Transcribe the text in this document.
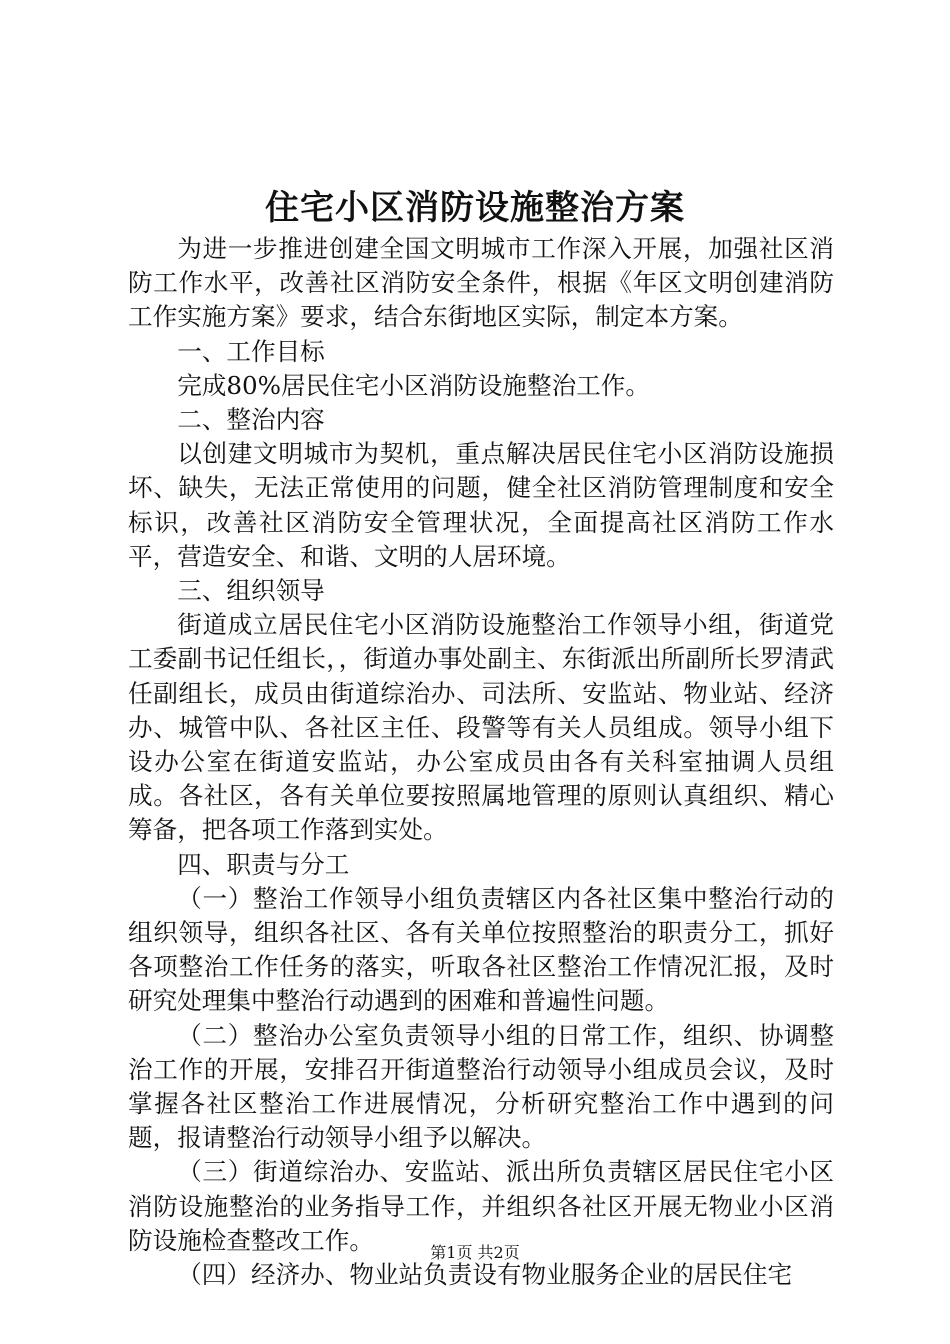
住宅小区消防设施整治方案

为进一步推进创建全国文明城市工作深入开展，加强社区消防工作水平，改善社区消防安全条件，根据《年区文明创建消防工作实施方案》要求，结合东街地区实际，制定本方案。

一、工作目标

完成80%居民住宅小区消防设施整治工作。

二、整治内容

以创建文明城市为契机，重点解决居民住宅小区消防设施损坏、缺失，无法正常使用的问题，健全社区消防管理制度和安全标识，改善社区消防安全管理状况，全面提高社区消防工作水平，营造安全、和谐、文明的人居环境。

三、组织领导

街道成立居民住宅小区消防设施整治工作领导小组，街道党工委副书记任组长，，街道办事处副主、东街派出所副所长罗清武任副组长，成员由街道综治办、司法所、安监站、物业站、经济办、城管中队、各社区主任、段警等有关人员组成。领导小组下设办公室在街道安监站，办公室成员由各有关科室抽调人员组成。各社区，各有关单位要按照属地管理的原则认真组织、精心筹备，把各项工作落到实处。

四、职责与分工

（一）整治工作领导小组负责辖区内各社区集中整治行动的组织领导，组织各社区、各有关单位按照整治的职责分工，抓好各项整治工作任务的落实，听取各社区整治工作情况汇报，及时研究处理集中整治行动遇到的困难和普遍性问题。

（二）整治办公室负责领导小组的日常工作，组织、协调整治工作的开展，安排召开街道整治行动领导小组成员会议，及时掌握各社区整治工作进展情况，分析研究整治工作中遇到的问题，报请整治行动领导小组予以解决。

（三）街道综治办、安监站、派出所负责辖区居民住宅小区消防设施整治的业务指导工作，并组织各社区开展无物业小区消防设施检查整改工作。

（四）经济办、物业站负责设有物业服务企业的居民住宅

第1页 共2页
